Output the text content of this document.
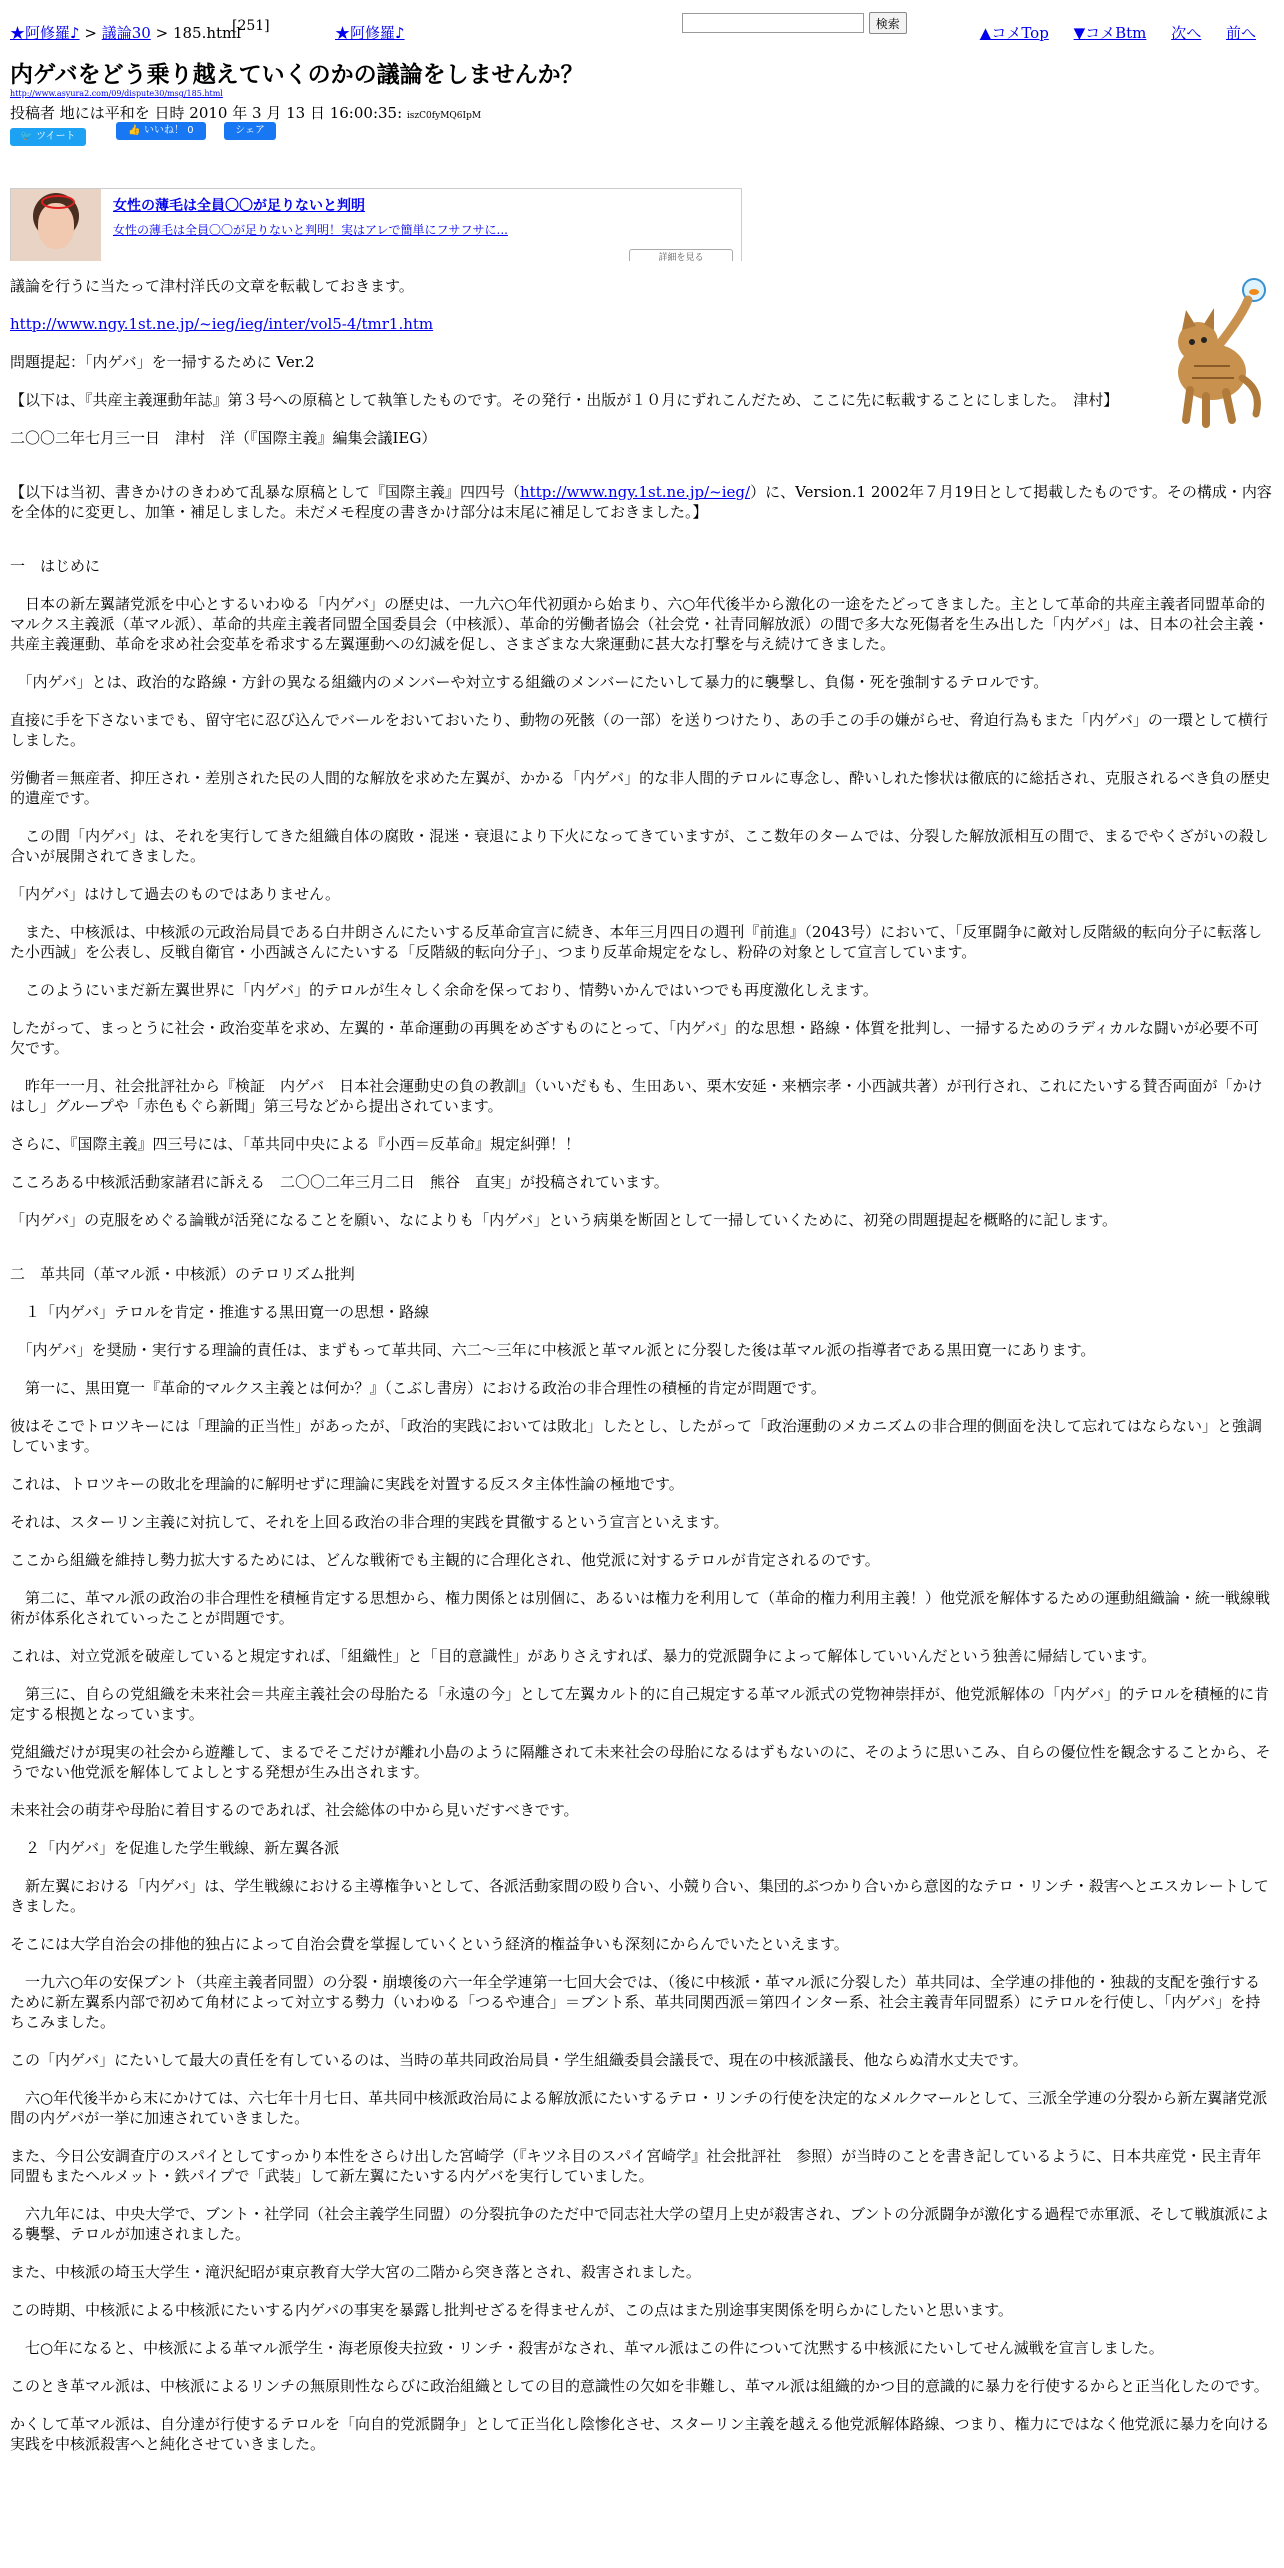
★阿修羅♪ > 議論30 > 185.html
[251]	★阿修羅♪
検索
▲コメTop ▼コメBtm 次へ 前へ
内ゲバをどう乗り越えていくのかの議論をしませんか？
http://www.asyura2.com/09/dispute30/msg/185.html
投稿者 地には平和を 日時 2010 年 3 月 13 日 16:00:35: iszC0fyMQ6IpM
🐦 ツイート
👍 いいね！ 0	シェア
女性の薄毛は全員〇〇が足りないと判明
女性の薄毛は全員〇〇が足りないと判明！実はアレで簡単にフサフサに...
詳細を見る

議論を行うに当たって津村洋氏の文章を転載しておきます。

http://www.ngy.1st.ne.jp/~ieg/ieg/inter/vol5-4/tmr1.htm

問題提起：「内ゲバ」を一掃するために Ver.2

【以下は、『共産主義運動年誌』第３号への原稿として執筆したものです。その発行・出版が１０月にずれこんだため、ここに先に転載することにしました。　津村】

二〇〇二年七月三一日　津村　洋（『国際主義』編集会議IEG）

【以下は当初、書きかけのきわめて乱暴な原稿として『国際主義』四四号（http://www.ngy.1st.ne.jp/~ieg/）に、Version.1 2002年７月19日として掲載したものです。その構成・内容を全体的に変更し、加筆・補足しました。未だメモ程度の書きかけ部分は末尾に補足しておきました。】

一　はじめに

　日本の新左翼諸党派を中心とするいわゆる「内ゲバ」の歴史は、一九六○年代初頭から始まり、六○年代後半から激化の一途をたどってきました。主として革命的共産主義者同盟革命的マルクス主義派（革マル派）、革命的共産主義者同盟全国委員会（中核派）、革命的労働者協会（社会党・社青同解放派）の間で多大な死傷者を生み出した「内ゲバ」は、日本の社会主義・共産主義運動、革命を求め社会変革を希求する左翼運動への幻滅を促し、さまざまな大衆運動に甚大な打撃を与え続けてきました。

　「内ゲバ」とは、政治的な路線・方針の異なる組織内のメンバーや対立する組織のメンバーにたいして暴力的に襲撃し、負傷・死を強制するテロルです。

直接に手を下さないまでも、留守宅に忍び込んでバールをおいておいたり、動物の死骸（の一部）を送りつけたり、あの手この手の嫌がらせ、脅迫行為もまた「内ゲバ」の一環として横行しました。

労働者＝無産者、抑圧され・差別された民の人間的な解放を求めた左翼が、かかる「内ゲバ」的な非人間的テロルに専念し、酔いしれた惨状は徹底的に総括され、克服されるべき負の歴史的遺産です。

　この間「内ゲバ」は、それを実行してきた組織自体の腐敗・混迷・衰退により下火になってきていますが、ここ数年のタームでは、分裂した解放派相互の間で、まるでやくざがいの殺し合いが展開されてきました。

「内ゲバ」はけして過去のものではありません。

　また、中核派は、中核派の元政治局員である白井朗さんにたいする反革命宣言に続き、本年三月四日の週刊『前進』（2043号）において、「反軍闘争に敵対し反階級的転向分子に転落した小西誠」を公表し、反戦自衛官・小西誠さんにたいする「反階級的転向分子」、つまり反革命規定をなし、粉砕の対象として宣言しています。

　このようにいまだ新左翼世界に「内ゲバ」的テロルが生々しく余命を保っており、情勢いかんではいつでも再度激化しえます。

したがって、まっとうに社会・政治変革を求め、左翼的・革命運動の再興をめざすものにとって、「内ゲバ」的な思想・路線・体質を批判し、一掃するためのラディカルな闘いが必要不可欠です。

　昨年一一月、社会批評社から『検証　内ゲバ　日本社会運動史の負の教訓』（いいだもも、生田あい、栗木安延・来栖宗孝・小西誠共著）が刊行され、これにたいする賛否両面が「かけはし」グループや「赤色もぐら新聞」第三号などから提出されています。

さらに、『国際主義』四三号には、「革共同中央による『小西＝反革命』規定糾弾！！

こころある中核派活動家諸君に訴える　二〇〇二年三月二日　熊谷　直実」が投稿されています。

「内ゲバ」の克服をめぐる論戦が活発になることを願い、なによりも「内ゲバ」という病巣を断固として一掃していくために、初発の問題提起を概略的に記します。

二　革共同（革マル派・中核派）のテロリズム批判

　１「内ゲバ」テロルを肯定・推進する黒田寛一の思想・路線

　「内ゲバ」を奨励・実行する理論的責任は、まずもって革共同、六二～三年に中核派と革マル派とに分裂した後は革マル派の指導者である黒田寛一にあります。

　第一に、黒田寛一『革命的マルクス主義とは何か？』（こぶし書房）における政治の非合理性の積極的肯定が問題です。

彼はそこでトロツキーには「理論的正当性」があったが、「政治的実践においては敗北」したとし、したがって「政治運動のメカニズムの非合理的側面を決して忘れてはならない」と強調しています。

これは、トロツキーの敗北を理論的に解明せずに理論に実践を対置する反スタ主体性論の極地です。

それは、スターリン主義に対抗して、それを上回る政治の非合理的実践を貫徹するという宣言といえます。

ここから組織を維持し勢力拡大するためには、どんな戦術でも主観的に合理化され、他党派に対するテロルが肯定されるのです。

　第二に、革マル派の政治の非合理性を積極肯定する思想から、権力関係とは別個に、あるいは権力を利用して（革命的権力利用主義！）他党派を解体するための運動組織論・統一戦線戦術が体系化されていったことが問題です。

これは、対立党派を破産していると規定すれば、「組織性」と「目的意識性」がありさえすれば、暴力的党派闘争によって解体していいんだという独善に帰結しています。

　第三に、自らの党組織を未来社会＝共産主義社会の母胎たる「永遠の今」として左翼カルト的に自己規定する革マル派式の党物神崇拝が、他党派解体の「内ゲバ」的テロルを積極的に肯定する根拠となっています。

党組織だけが現実の社会から遊離して、まるでそこだけが離れ小島のように隔離されて未来社会の母胎になるはずもないのに、そのように思いこみ、自らの優位性を観念することから、そうでない他党派を解体してよしとする発想が生み出されます。

未来社会の萌芽や母胎に着目するのであれば、社会総体の中から見いだすべきです。

　２「内ゲバ」を促進した学生戦線、新左翼各派

　新左翼における「内ゲバ」は、学生戦線における主導権争いとして、各派活動家間の殴り合い、小競り合い、集団的ぶつかり合いから意図的なテロ・リンチ・殺害へとエスカレートしてきました。

そこには大学自治会の排他的独占によって自治会費を掌握していくという経済的権益争いも深刻にからんでいたといえます。

　一九六○年の安保ブント（共産主義者同盟）の分裂・崩壊後の六一年全学連第一七回大会では、（後に中核派・革マル派に分裂した）革共同は、全学連の排他的・独裁的支配を強行するために新左翼系内部で初めて角材によって対立する勢力（いわゆる「つるや連合」＝ブント系、革共同関西派＝第四インター系、社会主義青年同盟系）にテロルを行使し、「内ゲバ」を持ちこみました。

この「内ゲバ」にたいして最大の責任を有しているのは、当時の革共同政治局員・学生組織委員会議長で、現在の中核派議長、他ならぬ清水丈夫です。

　六○年代後半から末にかけては、六七年十月七日、革共同中核派政治局による解放派にたいするテロ・リンチの行使を決定的なメルクマールとして、三派全学連の分裂から新左翼諸党派間の内ゲバが一挙に加速されていきました。

また、今日公安調査庁のスパイとしてすっかり本性をさらけ出した宮崎学（『キツネ目のスパイ宮崎学』社会批評社　参照）が当時のことを書き記しているように、日本共産党・民主青年同盟もまたヘルメット・鉄パイプで「武装」して新左翼にたいする内ゲバを実行していました。

　六九年には、中央大学で、ブント・社学同（社会主義学生同盟）の分裂抗争のただ中で同志社大学の望月上史が殺害され、ブントの分派闘争が激化する過程で赤軍派、そして戦旗派による襲撃、テロルが加速されました。

また、中核派の埼玉大学生・滝沢紀昭が東京教育大学大宮の二階から突き落とされ、殺害されました。

この時期、中核派による中核派にたいする内ゲバの事実を暴露し批判せざるを得ませんが、この点はまた別途事実関係を明らかにしたいと思います。

　七○年になると、中核派による革マル派学生・海老原俊夫拉致・リンチ・殺害がなされ、革マル派はこの件について沈黙する中核派にたいしてせん滅戦を宣言しました。

このとき革マル派は、中核派によるリンチの無原則性ならびに政治組織としての目的意識性の欠如を非難し、革マル派は組織的かつ目的意識的に暴力を行使するからと正当化したのです。

かくして革マル派は、自分達が行使するテロルを「向自的党派闘争」として正当化し陰惨化させ、スターリン主義を越える他党派解体路線、つまり、権力にではなく他党派に暴力を向ける実践を中核派殺害へと純化させていきました。
